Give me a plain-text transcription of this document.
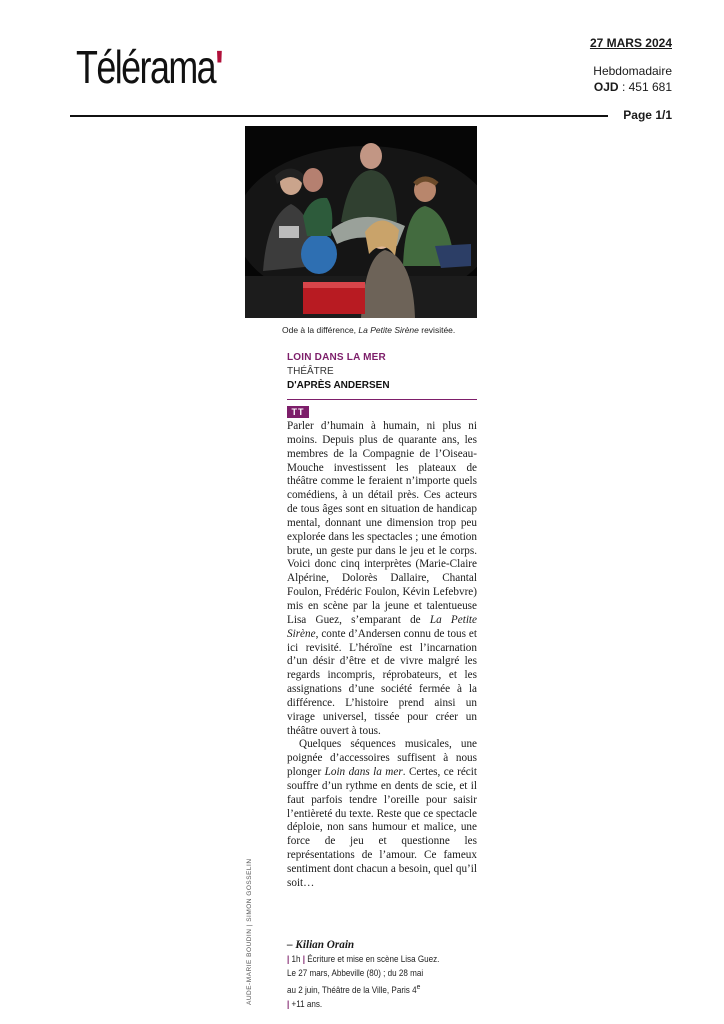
Télérama'	27 MARS 2024
Hebdomadaire
OJD : 451 681
Page 1/1
AUDE-MARIE BOUDIN | SIMON GOSSELIN
Ode à la différence, La Petite Sirène revisitée.
LOIN DANS LA MER
THÉÂTRE
D'APRÈS ANDERSEN
TT

Parler d’humain à humain, ni plus ni moins. Depuis plus de quarante ans, les membres de la Compagnie de l’Oiseau-Mouche investissent les plateaux de théâtre comme le feraient n’importe quels comédiens, à un détail près. Ces acteurs de tous âges sont en situation de handicap mental, donnant une dimension trop peu explorée dans les spectacles ; une émotion brute, un geste pur dans le jeu et le corps. Voici donc cinq interprètes (Marie-Claire Alpérine, Dolorès Dallaire, Chantal Foulon, Frédéric Foulon, Kévin Lefebvre) mis en scène par la jeune et talentueuse Lisa Guez, s’emparant de La Petite Sirène, conte d’Andersen connu de tous et ici revisité. L’héroïne est l’incarnation d’un désir d’être et de vivre malgré les regards incompris, réprobateurs, et les assignations d’une société fermée à la différence. L’histoire prend ainsi un virage universel, tissée pour créer un théâtre ouvert à tous.

Quelques séquences musicales, une poignée d’accessoires suffisent à nous plonger Loin dans la mer. Certes, ce récit souffre d’un rythme en dents de scie, et il faut parfois tendre l’oreille pour saisir l’entièreté du texte. Reste que ce spectacle déploie, non sans humour et malice, une force de jeu et questionne les représentations de l’amour. Ce fameux sentiment dont chacun a besoin, quel qu’il soit…

– Kilian Orain
| 1h | Écriture et mise en scène Lisa Guez.
Le 27 mars, Abbeville (80) ; du 28 mai
au 2 juin, Théâtre de la Ville, Paris 4e
| +11 ans.
